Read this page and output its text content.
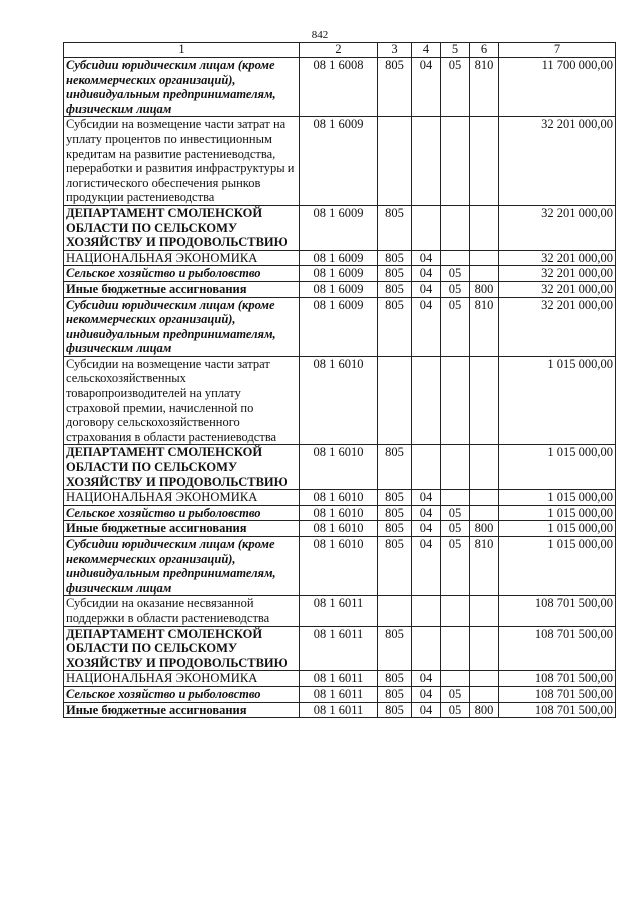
842
1	2	3	4	5	6	7
Субсидии юридическим лицам (кроме некоммерческих организаций), индивидуальным предпринимателям, физическим лицам	08 1 6008	805	04	05	810	11 700 000,00
Субсидии на возмещение части затрат на уплату процентов по инвестиционным кредитам на развитие растениеводства, переработки и развития инфраструктуры и логистического обеспечения рынков продукции растениеводства	08 1 6009					32 201 000,00
ДЕПАРТАМЕНТ СМОЛЕНСКОЙ ОБЛАСТИ ПО СЕЛЬСКОМУ ХОЗЯЙСТВУ И ПРОДОВОЛЬСТВИЮ	08 1 6009	805				32 201 000,00
НАЦИОНАЛЬНАЯ ЭКОНОМИКА	08 1 6009	805	04			32 201 000,00
Сельское хозяйство и рыболовство	08 1 6009	805	04	05		32 201 000,00
Иные бюджетные ассигнования	08 1 6009	805	04	05	800	32 201 000,00
Субсидии юридическим лицам (кроме некоммерческих организаций), индивидуальным предпринимателям, физическим лицам	08 1 6009	805	04	05	810	32 201 000,00
Субсидии на возмещение части затрат сельскохозяйственных товаропроизводителей на уплату страховой премии, начисленной по договору сельскохозяйственного страхования в области растениеводства	08 1 6010					1 015 000,00
ДЕПАРТАМЕНТ СМОЛЕНСКОЙ ОБЛАСТИ ПО СЕЛЬСКОМУ ХОЗЯЙСТВУ И ПРОДОВОЛЬСТВИЮ	08 1 6010	805				1 015 000,00
НАЦИОНАЛЬНАЯ ЭКОНОМИКА	08 1 6010	805	04			1 015 000,00
Сельское хозяйство и рыболовство	08 1 6010	805	04	05		1 015 000,00
Иные бюджетные ассигнования	08 1 6010	805	04	05	800	1 015 000,00
Субсидии юридическим лицам (кроме некоммерческих организаций), индивидуальным предпринимателям, физическим лицам	08 1 6010	805	04	05	810	1 015 000,00
Субсидии на оказание несвязанной поддержки в области растениеводства	08 1 6011					108 701 500,00
ДЕПАРТАМЕНТ СМОЛЕНСКОЙ ОБЛАСТИ ПО СЕЛЬСКОМУ ХОЗЯЙСТВУ И ПРОДОВОЛЬСТВИЮ	08 1 6011	805				108 701 500,00
НАЦИОНАЛЬНАЯ ЭКОНОМИКА	08 1 6011	805	04			108 701 500,00
Сельское хозяйство и рыболовство	08 1 6011	805	04	05		108 701 500,00
Иные бюджетные ассигнования	08 1 6011	805	04	05	800	108 701 500,00
